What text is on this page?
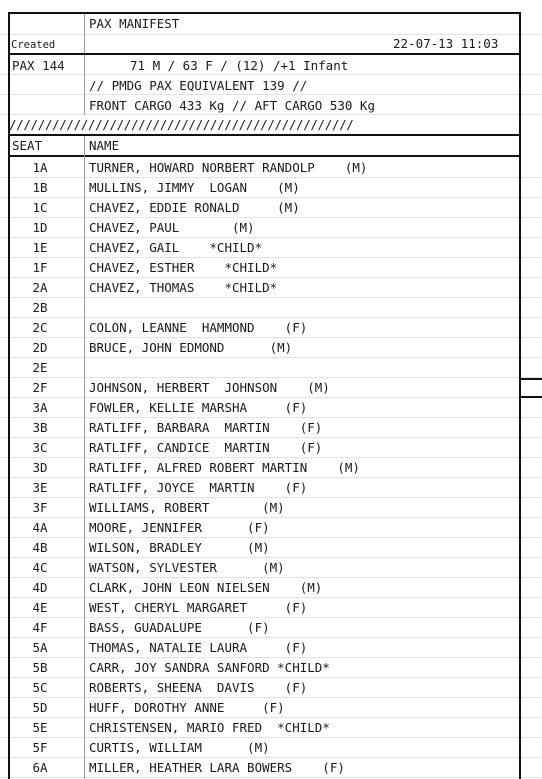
PAX MANIFEST
Created	22-07-13 11:03
PAX 144	71 M / 63 F / (12) /+1 Infant
// PMDG PAX EQUIVALENT 139 //
FRONT CARGO 433 Kg // AFT CARGO 530 Kg
////////////////////////////////////////////////
SEAT	NAME
1A	TURNER, HOWARD NORBERT RANDOLP    (M)
1B	MULLINS, JIMMY  LOGAN    (M)
1C	CHAVEZ, EDDIE RONALD     (M)
1D	CHAVEZ, PAUL       (M)
1E	CHAVEZ, GAIL    *CHILD*
1F	CHAVEZ, ESTHER    *CHILD*
2A	CHAVEZ, THOMAS    *CHILD*
2B
2C	COLON, LEANNE  HAMMOND    (F)
2D	BRUCE, JOHN EDMOND      (M)
2E
2F	JOHNSON, HERBERT  JOHNSON    (M)
3A	FOWLER, KELLIE MARSHA     (F)
3B	RATLIFF, BARBARA  MARTIN    (F)
3C	RATLIFF, CANDICE  MARTIN    (F)
3D	RATLIFF, ALFRED ROBERT MARTIN    (M)
3E	RATLIFF, JOYCE  MARTIN    (F)
3F	WILLIAMS, ROBERT       (M)
4A	MOORE, JENNIFER      (F)
4B	WILSON, BRADLEY      (M)
4C	WATSON, SYLVESTER      (M)
4D	CLARK, JOHN LEON NIELSEN    (M)
4E	WEST, CHERYL MARGARET     (F)
4F	BASS, GUADALUPE      (F)
5A	THOMAS, NATALIE LAURA     (F)
5B	CARR, JOY SANDRA SANFORD *CHILD*
5C	ROBERTS, SHEENA  DAVIS    (F)
5D	HUFF, DOROTHY ANNE     (F)
5E	CHRISTENSEN, MARIO FRED  *CHILD*
5F	CURTIS, WILLIAM      (M)
6A	MILLER, HEATHER LARA BOWERS    (F)
